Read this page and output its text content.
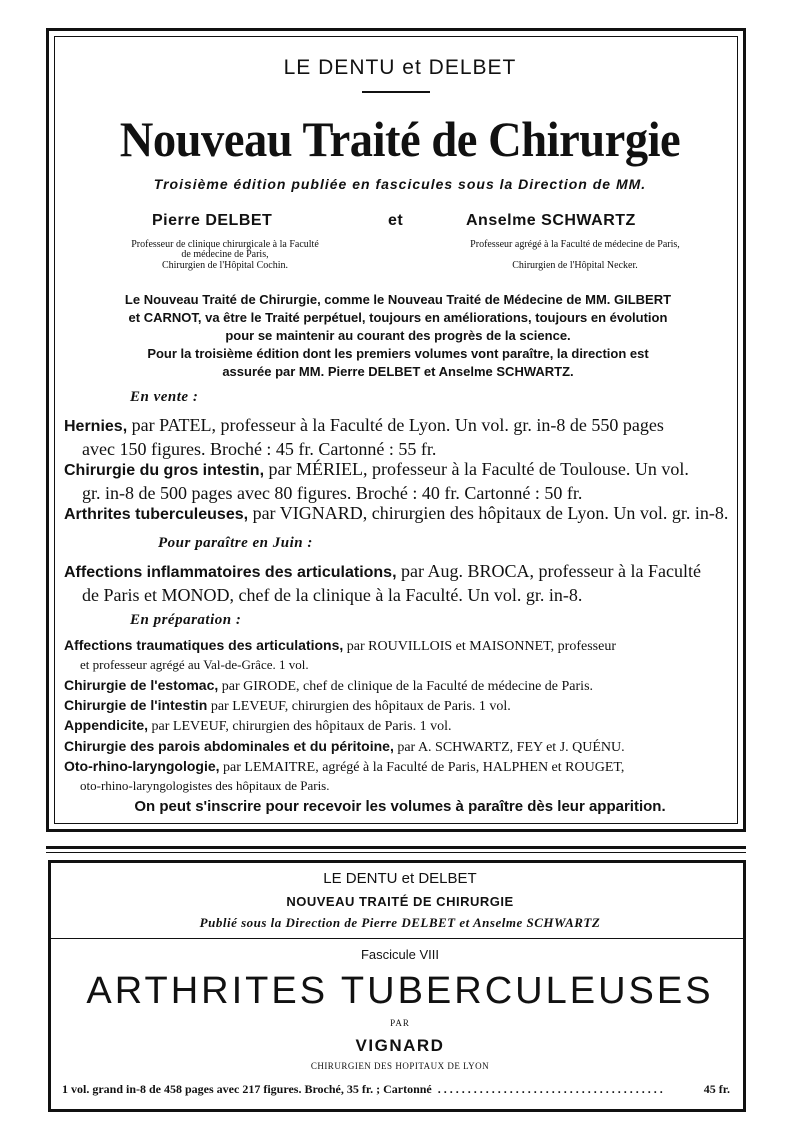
LE DENTU et DELBET
Nouveau Traité de Chirurgie
Troisième édition publiée en fascicules sous la Direction de MM.
Pierre DELBET	et	Anselme SCHWARTZ
Professeur de clinique chirurgicale à la Faculté
de médecine de Paris,
Chirurgien de l'Hôpital Cochin.
Professeur agrégé à la Faculté de médecine de Paris,
Chirurgien de l'Hôpital Necker.
Le Nouveau Traité de Chirurgie, comme le Nouveau Traité de Médecine de MM. GILBERT
et CARNOT, va être le Traité perpétuel, toujours en améliorations, toujours en évolution
pour se maintenir au courant des progrès de la science.
Pour la troisième édition dont les premiers volumes vont paraître, la direction est
assurée par MM. Pierre DELBET et Anselme SCHWARTZ.
En vente :
Hernies, par PATEL, professeur à la Faculté de Lyon. Un vol. gr. in-8 de 550 pages
avec 150 figures. Broché : 45 fr. Cartonné : 55 fr.
Chirurgie du gros intestin, par MÉRIEL, professeur à la Faculté de Toulouse. Un vol.
gr. in-8 de 500 pages avec 80 figures. Broché : 40 fr. Cartonné : 50 fr.
Arthrites tuberculeuses, par VIGNARD, chirurgien des hôpitaux de Lyon. Un vol. gr. in-8.
Pour paraître en Juin :
Affections inflammatoires des articulations, par Aug. BROCA, professeur à la Faculté
de Paris et MONOD, chef de la clinique à la Faculté. Un vol. gr. in-8.
En préparation :
Affections traumatiques des articulations, par ROUVILLOIS et MAISONNET, professeur
et professeur agrégé au Val-de-Grâce. 1 vol.
Chirurgie de l'estomac, par GIRODE, chef de clinique de la Faculté de médecine de Paris.
Chirurgie de l'intestin par LEVEUF, chirurgien des hôpitaux de Paris. 1 vol.
Appendicite, par LEVEUF, chirurgien des hôpitaux de Paris. 1 vol.
Chirurgie des parois abdominales et du péritoine, par A. SCHWARTZ, FEY et J. QUÉNU.
Oto-rhino-laryngologie, par LEMAITRE, agrégé à la Faculté de Paris, HALPHEN et ROUGET,
oto-rhino-laryngologistes des hôpitaux de Paris.
On peut s'inscrire pour recevoir les volumes à paraître dès leur apparition.
LE DENTU et DELBET
NOUVEAU TRAITÉ DE CHIRURGIE
Publié sous la Direction de Pierre DELBET et Anselme SCHWARTZ
Fascicule VIII
ARTHRITES TUBERCULEUSES
PAR
VIGNARD
CHIRURGIEN DES HOPITAUX DE LYON
1 vol. grand in-8 de 458 pages avec 217 figures. Broché, 35 fr. ; Cartonné . . . . . . . . . . . . . . . . . . . . . . . . . . . . . . . . . . . . . .	45 fr.
